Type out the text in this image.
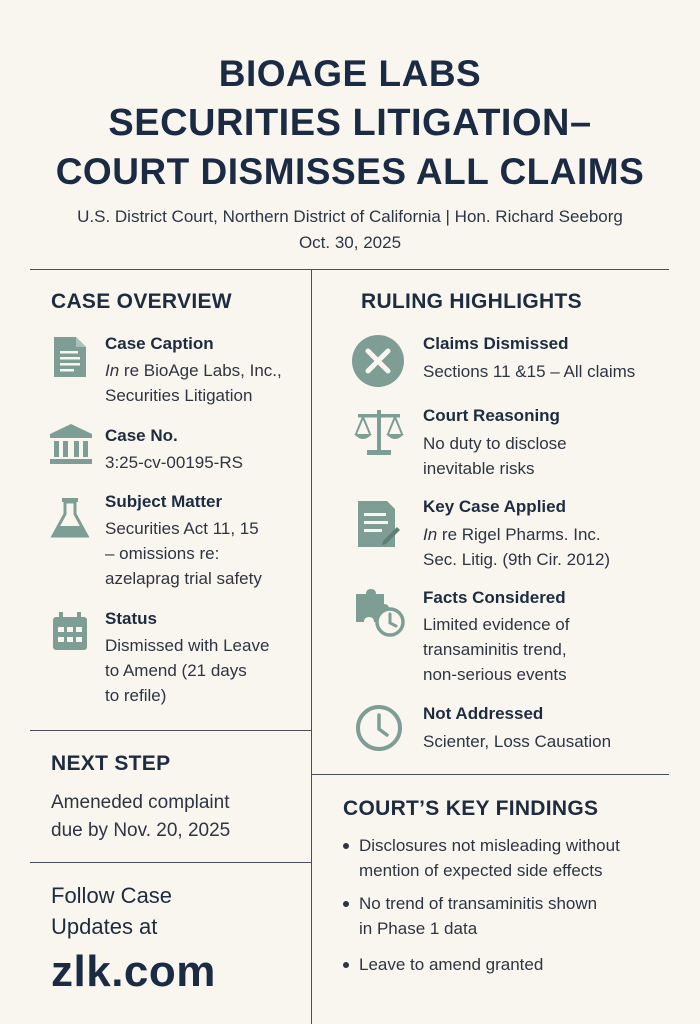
BIOAGE LABS
SECURITIES LITIGATION–
COURT DISMISSES ALL CLAIMS
U.S. District Court, Northern District of California | Hon. Richard Seeborg
Oct. 30, 2025
CASE OVERVIEW
Case Caption
In re BioAge Labs, Inc.,
Securities Litigation
Case No.
3:25-cv-00195-RS
Subject Matter
Securities Act 11, 15
– omissions re:
azelaprag trial safety
Status
Dismissed with Leave
to Amend (21 days
to refile)
RULING HIGHLIGHTS
Claims Dismissed
Sections 11 &15 – All claims
Court Reasoning
No duty to disclose
inevitable risks
Key Case Applied
In re Rigel Pharms. Inc.
Sec. Litig. (9th Cir. 2012)
Facts Considered
Limited evidence of
transaminitis trend,
non-serious events
Not Addressed
Scienter, Loss Causation
NEXT STEP
Ameneded complaint
due by Nov. 20, 2025
Follow Case
Updates at
zlk.com
COURT’S KEY FINDINGS
Disclosures not misleading without
mention of expected side effects
No trend of transaminitis shown
in Phase 1 data
Leave to amend granted
